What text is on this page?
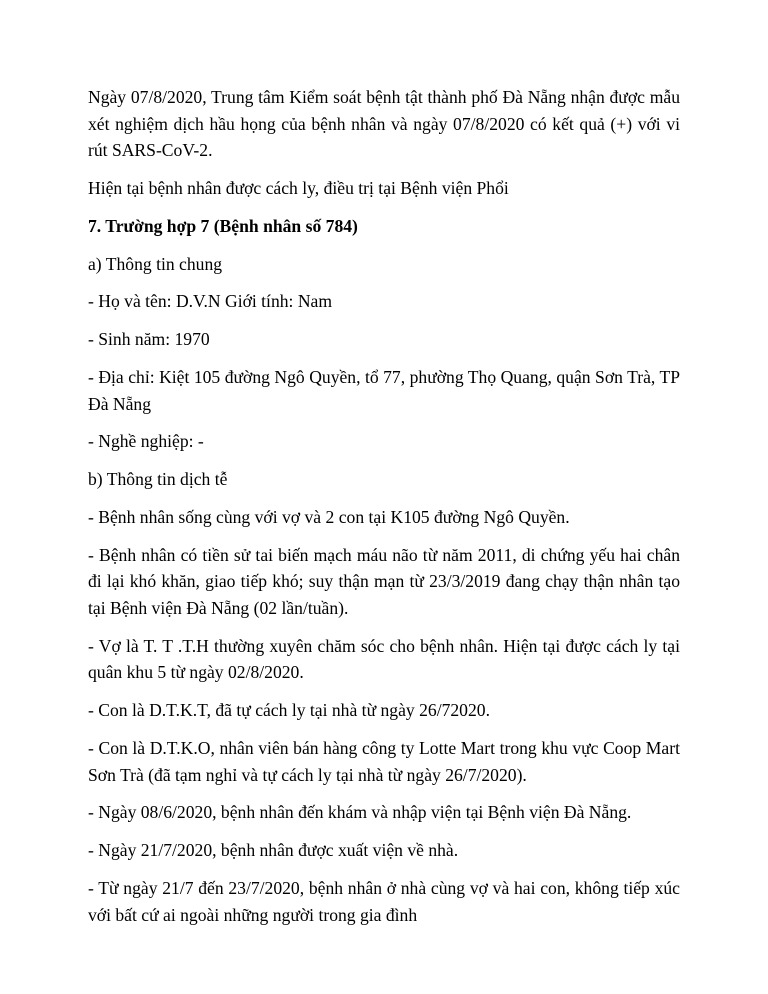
Ngày 07/8/2020, Trung tâm Kiểm soát bệnh tật thành phố Đà Nẵng nhận được mẫu xét nghiệm dịch hầu họng của bệnh nhân và ngày 07/8/2020 có kết quả (+) với vi rút SARS-CoV-2.

Hiện tại bệnh nhân được cách ly, điều trị tại Bệnh viện Phổi

7. Trường hợp 7 (Bệnh nhân số 784)

a) Thông tin chung

- Họ và tên: D.V.N Giới tính: Nam

- Sinh năm: 1970

- Địa chỉ: Kiệt 105 đường Ngô Quyền, tổ 77, phường Thọ Quang, quận Sơn Trà, TP Đà Nẵng

- Nghề nghiệp: -

b) Thông tin dịch tễ

- Bệnh nhân sống cùng với vợ và 2 con tại K105 đường Ngô Quyền.

- Bệnh nhân có tiền sử tai biến mạch máu não từ năm 2011, di chứng yếu hai chân đi lại khó khăn, giao tiếp khó; suy thận mạn từ 23/3/2019 đang chạy thận nhân tạo tại Bệnh viện Đà Nẵng (02 lần/tuần).

- Vợ là T. T .T.H thường xuyên chăm sóc cho bệnh nhân. Hiện tại được cách ly tại quân khu 5 từ ngày 02/8/2020.

- Con là D.T.K.T, đã tự cách ly tại nhà từ ngày 26/72020.

- Con là D.T.K.O, nhân viên bán hàng công ty Lotte Mart trong khu vực Coop Mart Sơn Trà (đã tạm nghỉ và tự cách ly tại nhà từ ngày 26/7/2020).

- Ngày 08/6/2020, bệnh nhân đến khám và nhập viện tại Bệnh viện Đà Nẵng.

- Ngày 21/7/2020, bệnh nhân được xuất viện về nhà.

- Từ ngày 21/7 đến 23/7/2020, bệnh nhân ở nhà cùng vợ và hai con, không tiếp xúc với bất cứ ai ngoài những người trong gia đình
